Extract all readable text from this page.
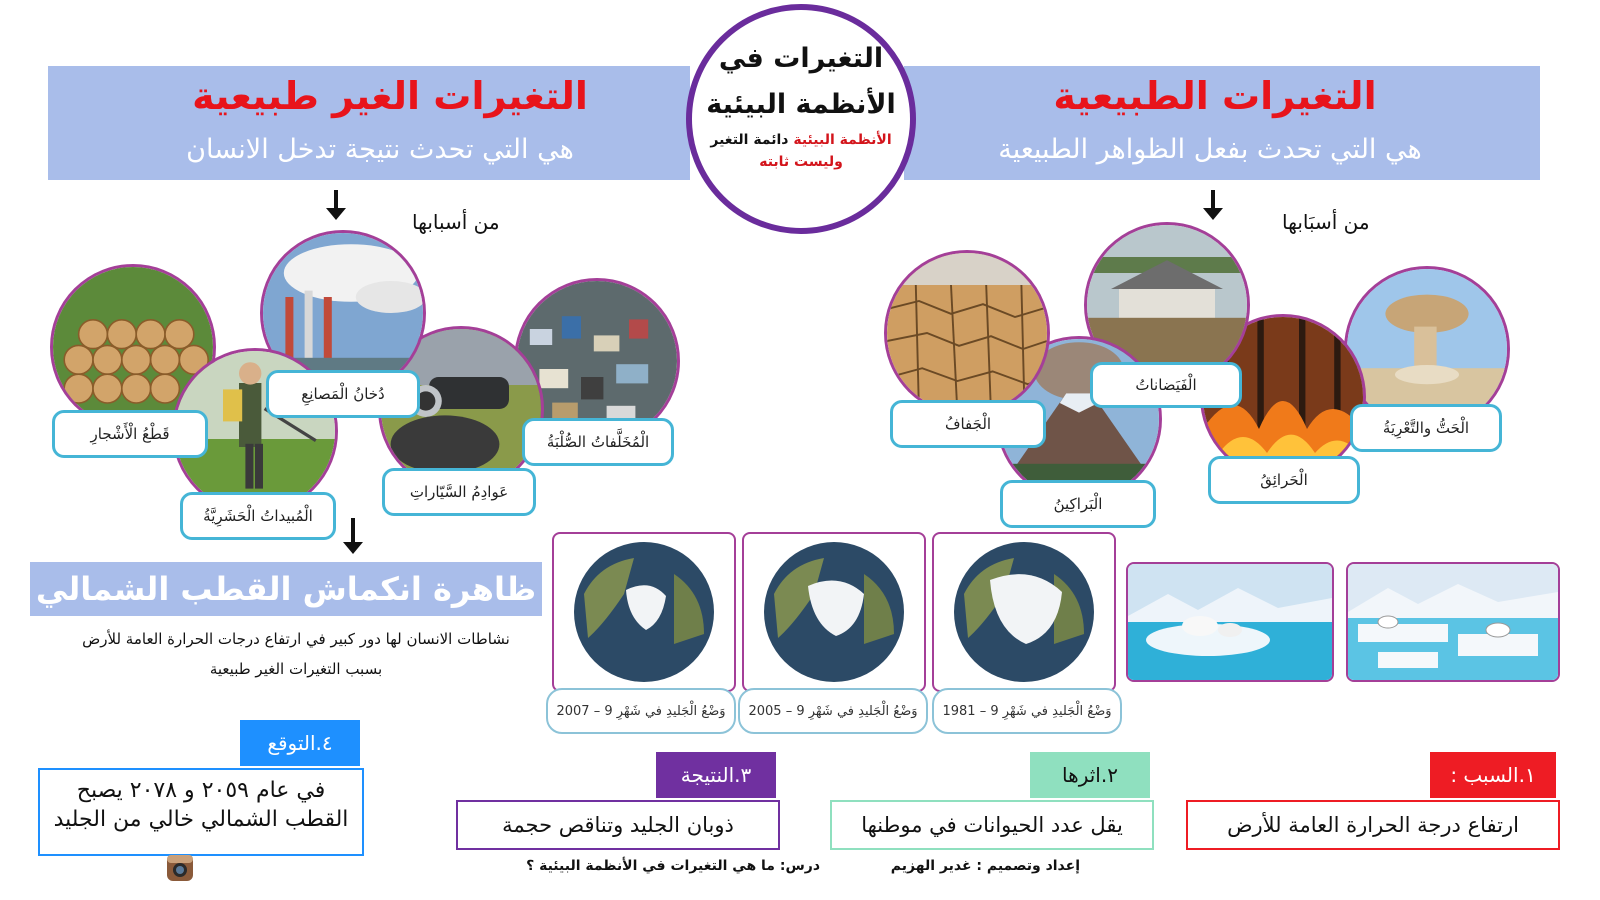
التغيرات الطبيعية
هي التي تحدث بفعل الظواهر الطبيعية
التغيرات الغير طبيعية
هي التي تحدث نتيجة تدخل الانسان
التغيرات في
الأنظمة البيئية
الأنظمة البيئية دائمة التغير
وليست ثابته
من أسبَابها
من أسبابها
الْحَتُّ والتَّعْرِيَةُ
الْحَرائِقُ
الْفَيَضاناتُ
الْبَراكِينُ
الْجَفافُ
الْمُخَلَّفاتُ الصُّلْبَةُ
عَوادِمُ السَّيّاراتِ
دُخانُ الْمَصانِعِ
قَطْعُ الْأَشْجارِ
الْمُبيداتُ الْحَشَرِيَّةُ
ظاهرة انكماش القطب الشمالي
نشاطات الانسان لها دور كبير في ارتفاع درجات الحرارة العامة للأرض
بسبب التغيرات الغير طبيعية
وَضْعُ الْجَليدِ في شَهْرِ 9 – 2007	وَضْعُ الْجَليدِ في شَهْرِ 9 – 2005	وَضْعُ الْجَليدِ في شَهْرِ 9 – 1981
١.السبب :
ارتفاع درجة الحرارة العامة للأرض
٢.اثرها
يقل عدد الحيوانات في موطنها
٣.النتيجة
ذوبان الجليد وتناقص حجمة
٤.التوقع
في عام ٢٠٥٩ و ٢٠٧٨ يصبح
القطب الشمالي خالي من الجليد
إعداد وتصميم : غدير الهزيم
درس: ما هي التغيرات في الأنظمة البيئية ؟
